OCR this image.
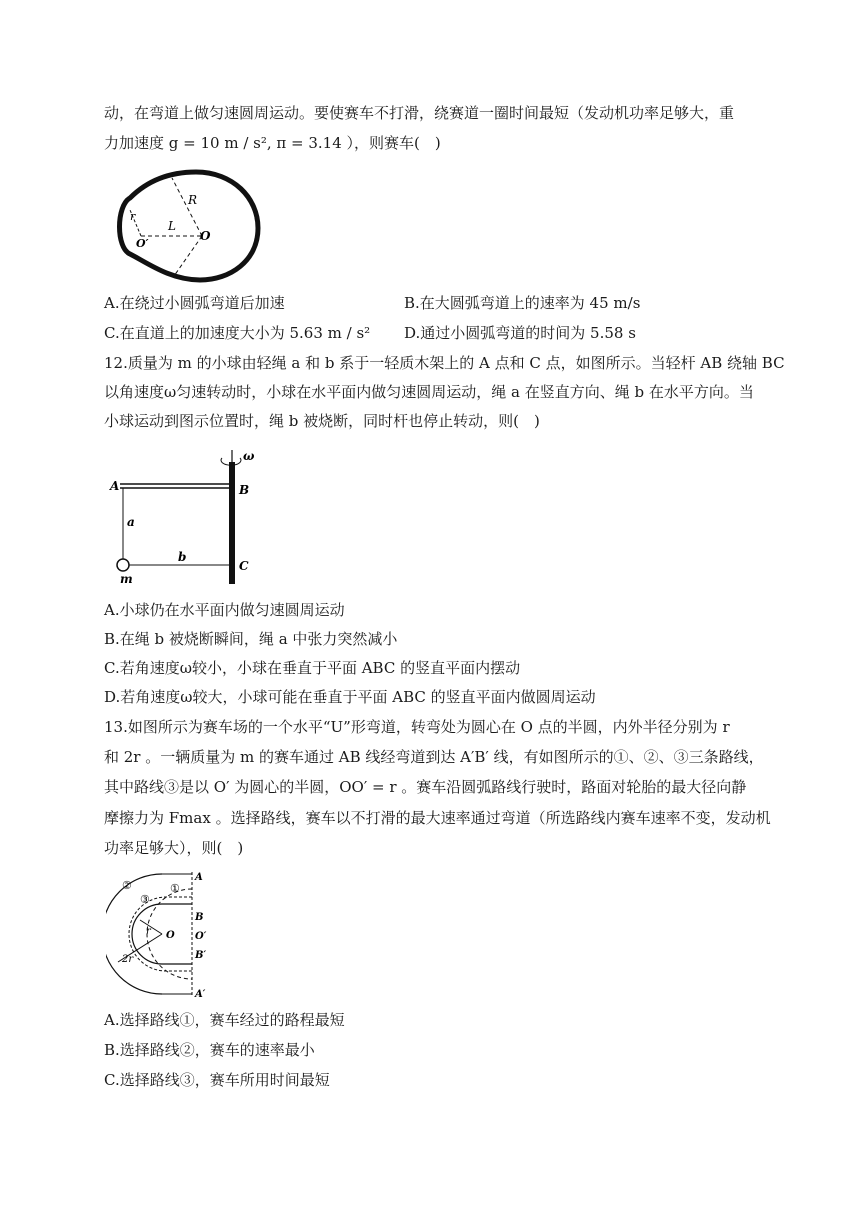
动，在弯道上做匀速圆周运动。要使赛车不打滑，绕赛道一圈时间最短（发动机功率足够大，重
力加速度 g = 10 m / s², π = 3.14 ），则赛车(　)
R
r
L
O′
O
A.在绕过小圆弧弯道后加速	B.在大圆弧弯道上的速率为 45 m/s
C.在直道上的加速度大小为 5.63 m / s² D.通过小圆弧弯道的时间为 5.58 s
12.质量为 m 的小球由轻绳 a 和 b 系于一轻质木架上的 A 点和 C 点，如图所示。当轻杆 AB 绕轴 BC
以角速度ω匀速转动时，小球在水平面内做匀速圆周运动，绳 a 在竖直方向、绳 b 在水平方向。当
小球运动到图示位置时，绳 b 被烧断，同时杆也停止转动，则(　)
ω
A	B
C
a
b
m
A.小球仍在水平面内做匀速圆周运动
B.在绳 b 被烧断瞬间，绳 a 中张力突然减小
C.若角速度ω较小，小球在垂直于平面 ABC 的竖直平面内摆动
D.若角速度ω较大，小球可能在垂直于平面 ABC 的竖直平面内做圆周运动
13.如图所示为赛车场的一个水平“U”形弯道，转弯处为圆心在 O 点的半圆，内外半径分别为 r
和 2r 。一辆质量为 m 的赛车通过 AB 线经弯道到达 A′B′ 线，有如图所示的①、②、③三条路线，
其中路线③是以 O′ 为圆心的半圆，OO′ = r 。赛车沿圆弧路线行驶时，路面对轮胎的最大径向静
摩擦力为 Fmax 。选择路线，赛车以不打滑的最大速率通过弯道（所选路线内赛车速率不变，发动机
功率足够大），则(　)
②
③
①
A
B
O′
B′
A′
O
r
2r
A.选择路线①，赛车经过的路程最短
B.选择路线②，赛车的速率最小
C.选择路线③，赛车所用时间最短
